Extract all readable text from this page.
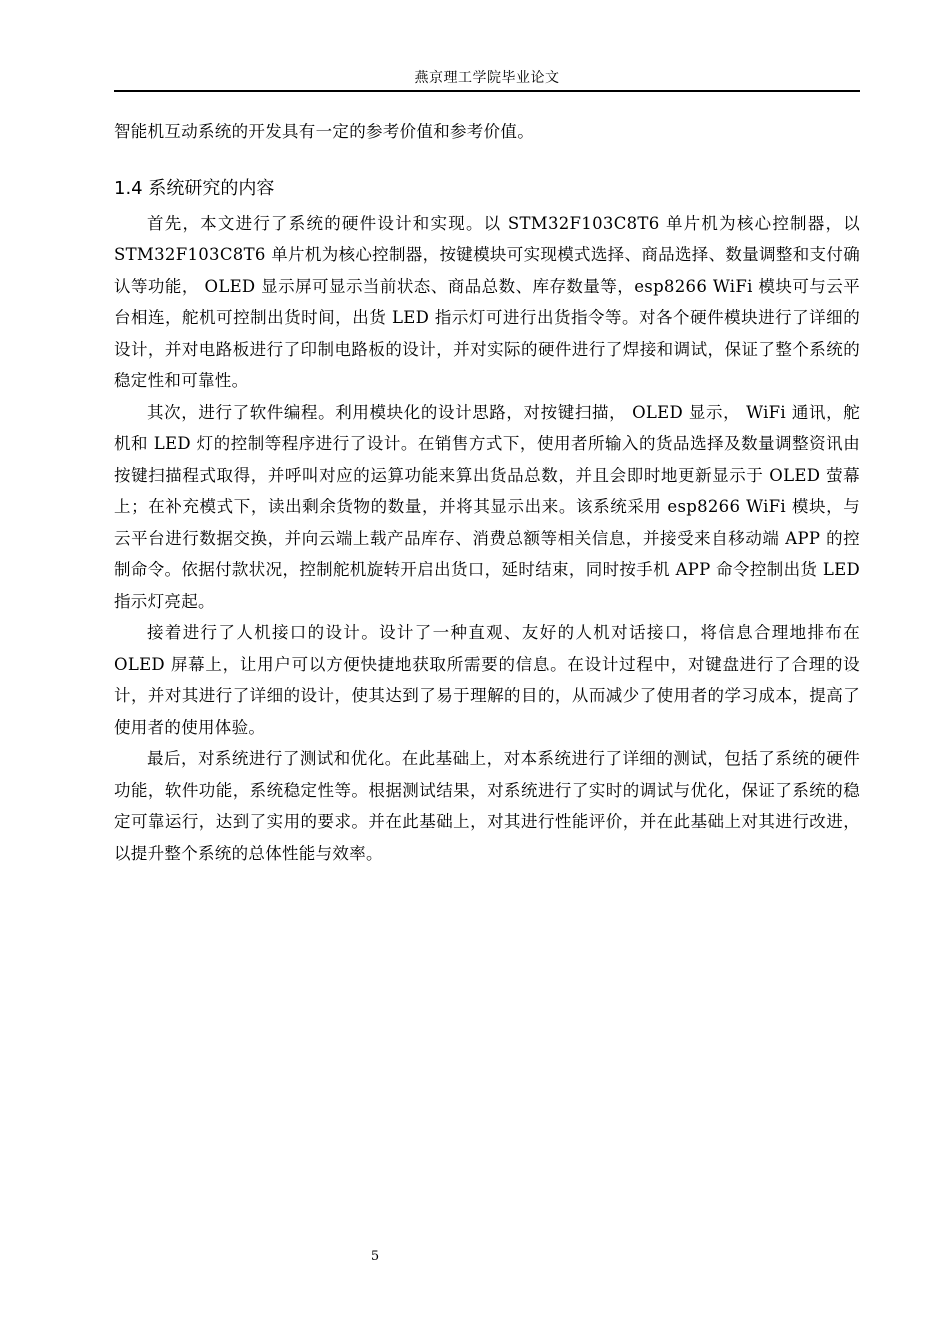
燕京理工学院毕业论文

智能机互动系统的开发具有一定的参考价值和参考价值。

1.4 系统研究的内容

首先，本文进行了系统的硬件设计和实现。以 STM32F103C8T6 单片机为核心控制器，以 STM32F103C8T6 单片机为核心控制器，按键模块可实现模式选择、商品选择、数量调整和支付确认等功能， OLED 显示屏可显示当前状态、商品总数、库存数量等，esp8266 WiFi 模块可与云平台相连，舵机可控制出货时间，出货 LED 指示灯可进行出货指令等。对各个硬件模块进行了详细的设计，并对电路板进行了印制电路板的设计，并对实际的硬件进行了焊接和调试，保证了整个系统的稳定性和可靠性。

其次，进行了软件编程。利用模块化的设计思路，对按键扫描， OLED 显示， WiFi 通讯，舵机和 LED 灯的控制等程序进行了设计。在销售方式下，使用者所输入的货品选择及数量调整资讯由按键扫描程式取得，并呼叫对应的运算功能来算出货品总数，并且会即时地更新显示于 OLED 萤幕上；在补充模式下，读出剩余货物的数量，并将其显示出来。该系统采用 esp8266 WiFi 模块，与云平台进行数据交换，并向云端上载产品库存、消费总额等相关信息，并接受来自移动端 APP 的控制命令。依据付款状况，控制舵机旋转开启出货口，延时结束，同时按手机 APP 命令控制出货 LED 指示灯亮起。

接着进行了人机接口的设计。设计了一种直观、友好的人机对话接口，将信息合理地排布在 OLED 屏幕上，让用户可以方便快捷地获取所需要的信息。在设计过程中，对键盘进行了合理的设计，并对其进行了详细的设计，使其达到了易于理解的目的，从而减少了使用者的学习成本，提高了使用者的使用体验。

最后，对系统进行了测试和优化。在此基础上，对本系统进行了详细的测试，包括了系统的硬件功能，软件功能，系统稳定性等。根据测试结果，对系统进行了实时的调试与优化，保证了系统的稳定可靠运行，达到了实用的要求。并在此基础上，对其进行性能评价，并在此基础上对其进行改进，以提升整个系统的总体性能与效率。

5
